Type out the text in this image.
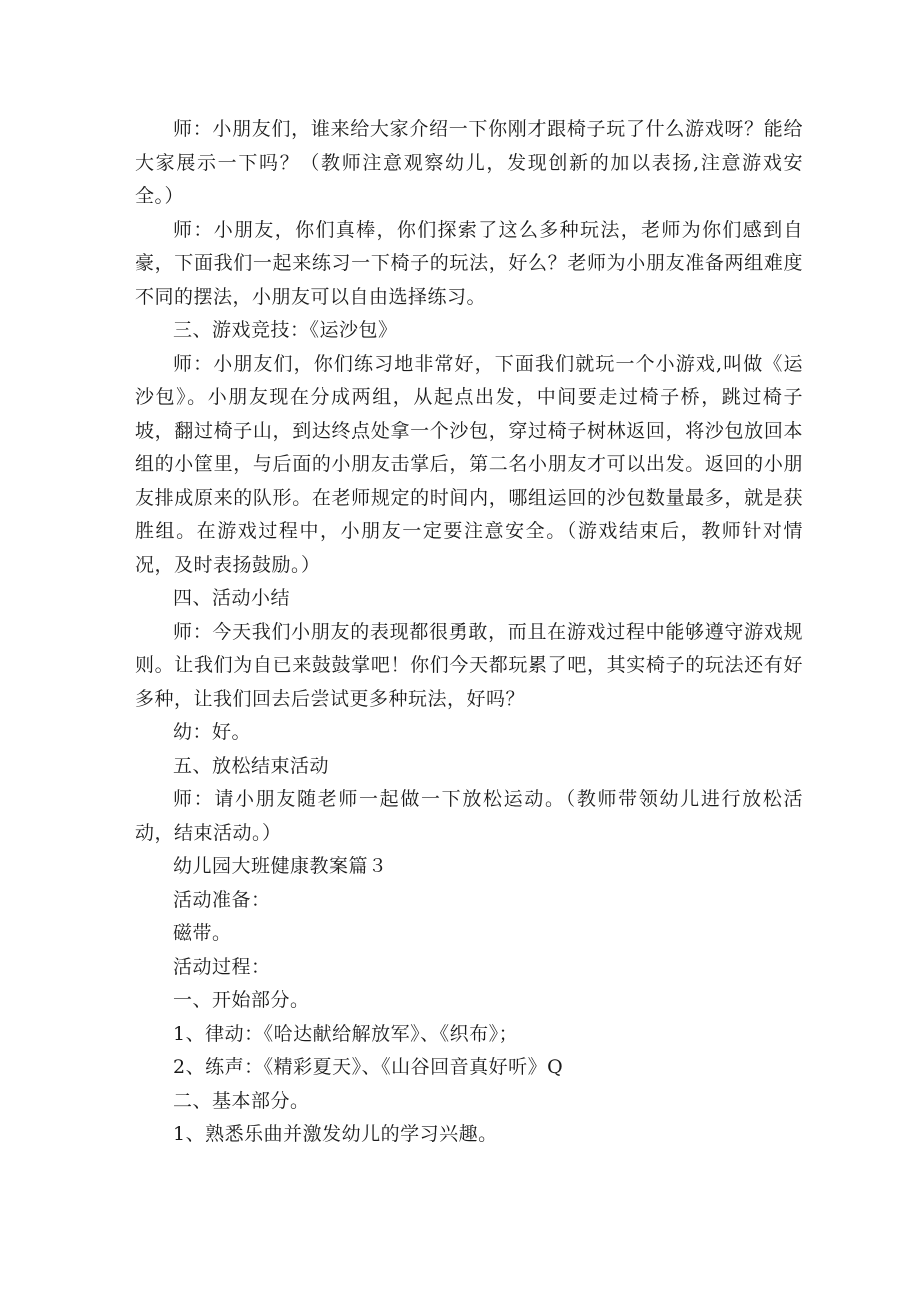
师：小朋友们，谁来给大家介绍一下你刚才跟椅子玩了什么游戏呀？能给大家展示一下吗？（教师注意观察幼儿，发现创新的加以表扬,注意游戏安全。）

师：小朋友，你们真棒，你们探索了这么多种玩法，老师为你们感到自豪，下面我们一起来练习一下椅子的玩法，好么？老师为小朋友准备两组难度不同的摆法，小朋友可以自由选择练习。

三、游戏竞技：《运沙包》

师：小朋友们，你们练习地非常好，下面我们就玩一个小游戏,叫做《运沙包》。小朋友现在分成两组，从起点出发，中间要走过椅子桥，跳过椅子坡，翻过椅子山，到达终点处拿一个沙包，穿过椅子树林返回，将沙包放回本组的小筐里，与后面的小朋友击掌后，第二名小朋友才可以出发。返回的小朋友排成原来的队形。在老师规定的时间内，哪组运回的沙包数量最多，就是获胜组。在游戏过程中，小朋友一定要注意安全。（游戏结束后，教师针对情况，及时表扬鼓励。）

四、活动小结

师：今天我们小朋友的表现都很勇敢，而且在游戏过程中能够遵守游戏规则。让我们为自已来鼓鼓掌吧！你们今天都玩累了吧，其实椅子的玩法还有好多种，让我们回去后尝试更多种玩法，好吗？

幼：好。

五、放松结束活动

师：请小朋友随老师一起做一下放松运动。（教师带领幼儿进行放松活动，结束活动。）

幼儿园大班健康教案篇３

活动准备：

磁带。

活动过程：

一、开始部分。

1、律动：《哈达献给解放军》、《织布》；

2、练声：《精彩夏天》、《山谷回音真好听》Q

二、基本部分。

1、熟悉乐曲并激发幼儿的学习兴趣。
